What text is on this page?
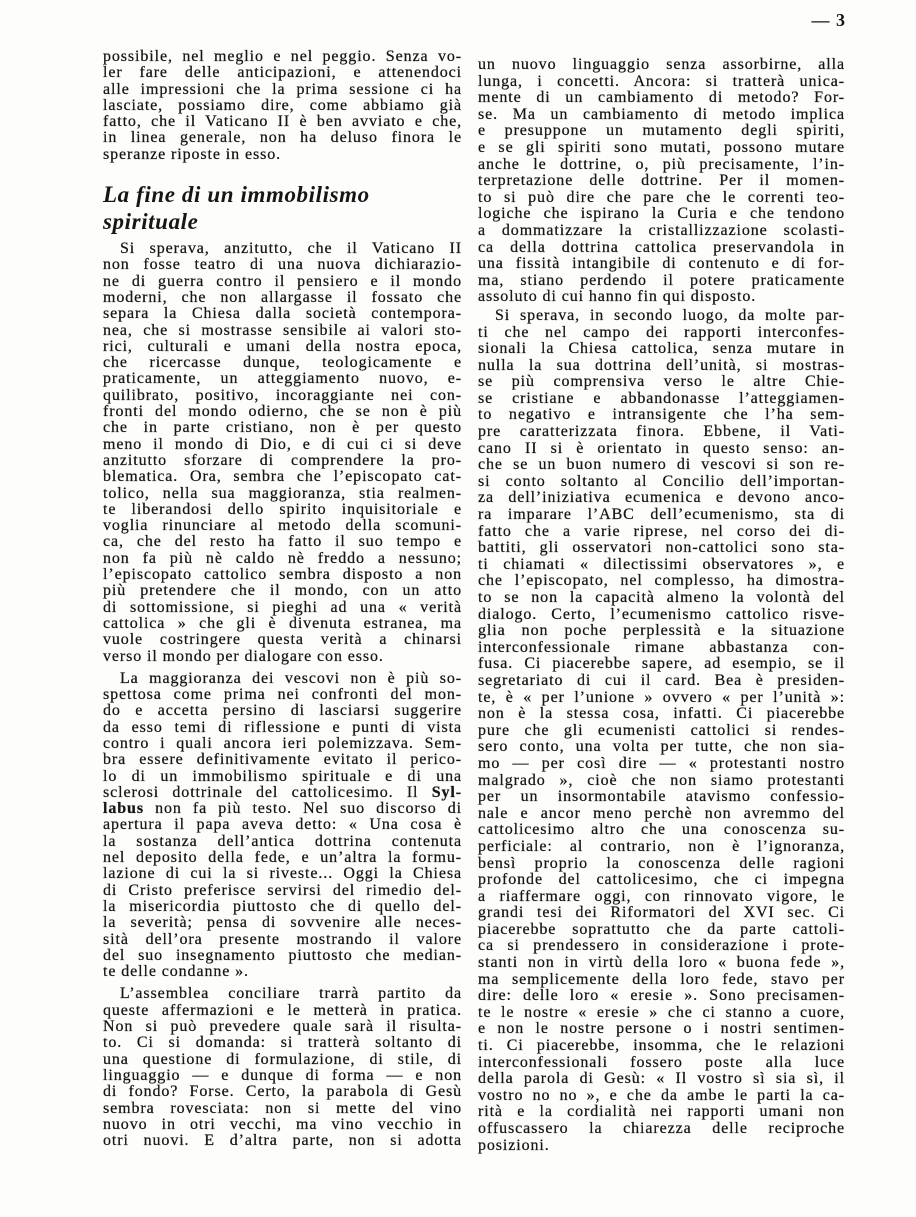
— 3
possibile, nel meglio e nel peggio. Senza vo-
ler fare delle anticipazioni, e attenendoci
alle impressioni che la prima sessione ci ha
lasciate, possiamo dire, come abbiamo già
fatto, che il Vaticano II è ben avviato e che,
in linea generale, non ha deluso finora le
speranze riposte in esso.
La fine di un immobilismo
spirituale
Si sperava, anzitutto, che il Vaticano II
non fosse teatro di una nuova dichiarazio-
ne di guerra contro il pensiero e il mondo
moderni, che non allargasse il fossato che
separa la Chiesa dalla società contempora-
nea, che si mostrasse sensibile ai valori sto-
rici, culturali e umani della nostra epoca,
che ricercasse dunque, teologicamente e
praticamente, un atteggiamento nuovo, e-
quilibrato, positivo, incoraggiante nei con-
fronti del mondo odierno, che se non è più
che in parte cristiano, non è per questo
meno il mondo di Dio, e di cui ci si deve
anzitutto sforzare di comprendere la pro-
blematica. Ora, sembra che l’episcopato cat-
tolico, nella sua maggioranza, stia realmen-
te liberandosi dello spirito inquisitoriale e
voglia rinunciare al metodo della scomuni-
ca, che del resto ha fatto il suo tempo e
non fa più nè caldo nè freddo a nessuno;
l’episcopato cattolico sembra disposto a non
più pretendere che il mondo, con un atto
di sottomissione, si pieghi ad una « verità
cattolica » che gli è divenuta estranea, ma
vuole costringere questa verità a chinarsi
verso il mondo per dialogare con esso.
La maggioranza dei vescovi non è più so-
spettosa come prima nei confronti del mon-
do e accetta persino di lasciarsi suggerire
da esso temi di riflessione e punti di vista
contro i quali ancora ieri polemizzava. Sem-
bra essere definitivamente evitato il perico-
lo di un immobilismo spirituale e di una
sclerosi dottrinale del cattolicesimo. Il Syl-
labus non fa più testo. Nel suo discorso di
apertura il papa aveva detto: « Una cosa è
la sostanza dell’antica dottrina contenuta
nel deposito della fede, e un’altra la formu-
lazione di cui la si riveste... Oggi la Chiesa
di Cristo preferisce servirsi del rimedio del-
la misericordia piuttosto che di quello del-
la severità; pensa di sovvenire alle neces-
sità dell’ora presente mostrando il valore
del suo insegnamento piuttosto che median-
te delle condanne ».
L’assemblea conciliare trarrà partito da
queste affermazioni e le metterà in pratica.
Non si può prevedere quale sarà il risulta-
to. Ci si domanda: si tratterà soltanto di
una questione di formulazione, di stile, di
linguaggio — e dunque di forma — e non
di fondo? Forse. Certo, la parabola di Gesù
sembra rovesciata: non si mette del vino
nuovo in otri vecchi, ma vino vecchio in
otri nuovi. E d’altra parte, non si adotta
un nuovo linguaggio senza assorbirne, alla
lunga, i concetti. Ancora: si tratterà unica-
mente di un cambiamento di metodo? For-
se. Ma un cambiamento di metodo implica
e presuppone un mutamento degli spiriti,
e se gli spiriti sono mutati, possono mutare
anche le dottrine, o, più precisamente, l’in-
terpretazione delle dottrine. Per il momen-
to si può dire che pare che le correnti teo-
logiche che ispirano la Curia e che tendono
a dommatizzare la cristallizzazione scolasti-
ca della dottrina cattolica preservandola in
una fissità intangibile di contenuto e di for-
ma, stiano perdendo il potere praticamente
assoluto di cui hanno fin qui disposto.
Si sperava, in secondo luogo, da molte par-
ti che nel campo dei rapporti interconfes-
sionali la Chiesa cattolica, senza mutare in
nulla la sua dottrina dell’unità, si mostras-
se più comprensiva verso le altre Chie-
se cristiane e abbandonasse l’atteggiamen-
to negativo e intransigente che l’ha sem-
pre caratterizzata finora. Ebbene, il Vati-
cano II si è orientato in questo senso: an-
che se un buon numero di vescovi si son re-
si conto soltanto al Concilio dell’importan-
za dell’iniziativa ecumenica e devono anco-
ra imparare l’ABC dell’ecumenismo, sta di
fatto che a varie riprese, nel corso dei di-
battiti, gli osservatori non-cattolici sono sta-
ti chiamati « dilectissimi observatores », e
che l’episcopato, nel complesso, ha dimostra-
to se non la capacità almeno la volontà del
dialogo. Certo, l’ecumenismo cattolico risve-
glia non poche perplessità e la situazione
interconfessionale rimane abbastanza con-
fusa. Ci piacerebbe sapere, ad esempio, se il
segretariato di cui il card. Bea è presiden-
te, è « per l’unione » ovvero « per l’unità »:
non è la stessa cosa, infatti. Ci piacerebbe
pure che gli ecumenisti cattolici si rendes-
sero conto, una volta per tutte, che non sia-
mo — per così dire — « protestanti nostro
malgrado », cioè che non siamo protestanti
per un insormontabile atavismo confessio-
nale e ancor meno perchè non avremmo del
cattolicesimo altro che una conoscenza su-
perficiale: al contrario, non è l’ignoranza,
bensì proprio la conoscenza delle ragioni
profonde del cattolicesimo, che ci impegna
a riaffermare oggi, con rinnovato vigore, le
grandi tesi dei Riformatori del XVI sec. Ci
piacerebbe soprattutto che da parte cattoli-
ca si prendessero in considerazione i prote-
stanti non in virtù della loro « buona fede »,
ma semplicemente della loro fede, stavo per
dire: delle loro « eresie ». Sono precisamen-
te le nostre « eresie » che ci stanno a cuore,
e non le nostre persone o i nostri sentimen-
ti. Ci piacerebbe, insomma, che le relazioni
interconfessionali fossero poste alla luce
della parola di Gesù: « Il vostro sì sia sì, il
vostro no no », e che da ambe le parti la ca-
rità e la cordialità nei rapporti umani non
offuscassero la chiarezza delle reciproche
posizioni.
